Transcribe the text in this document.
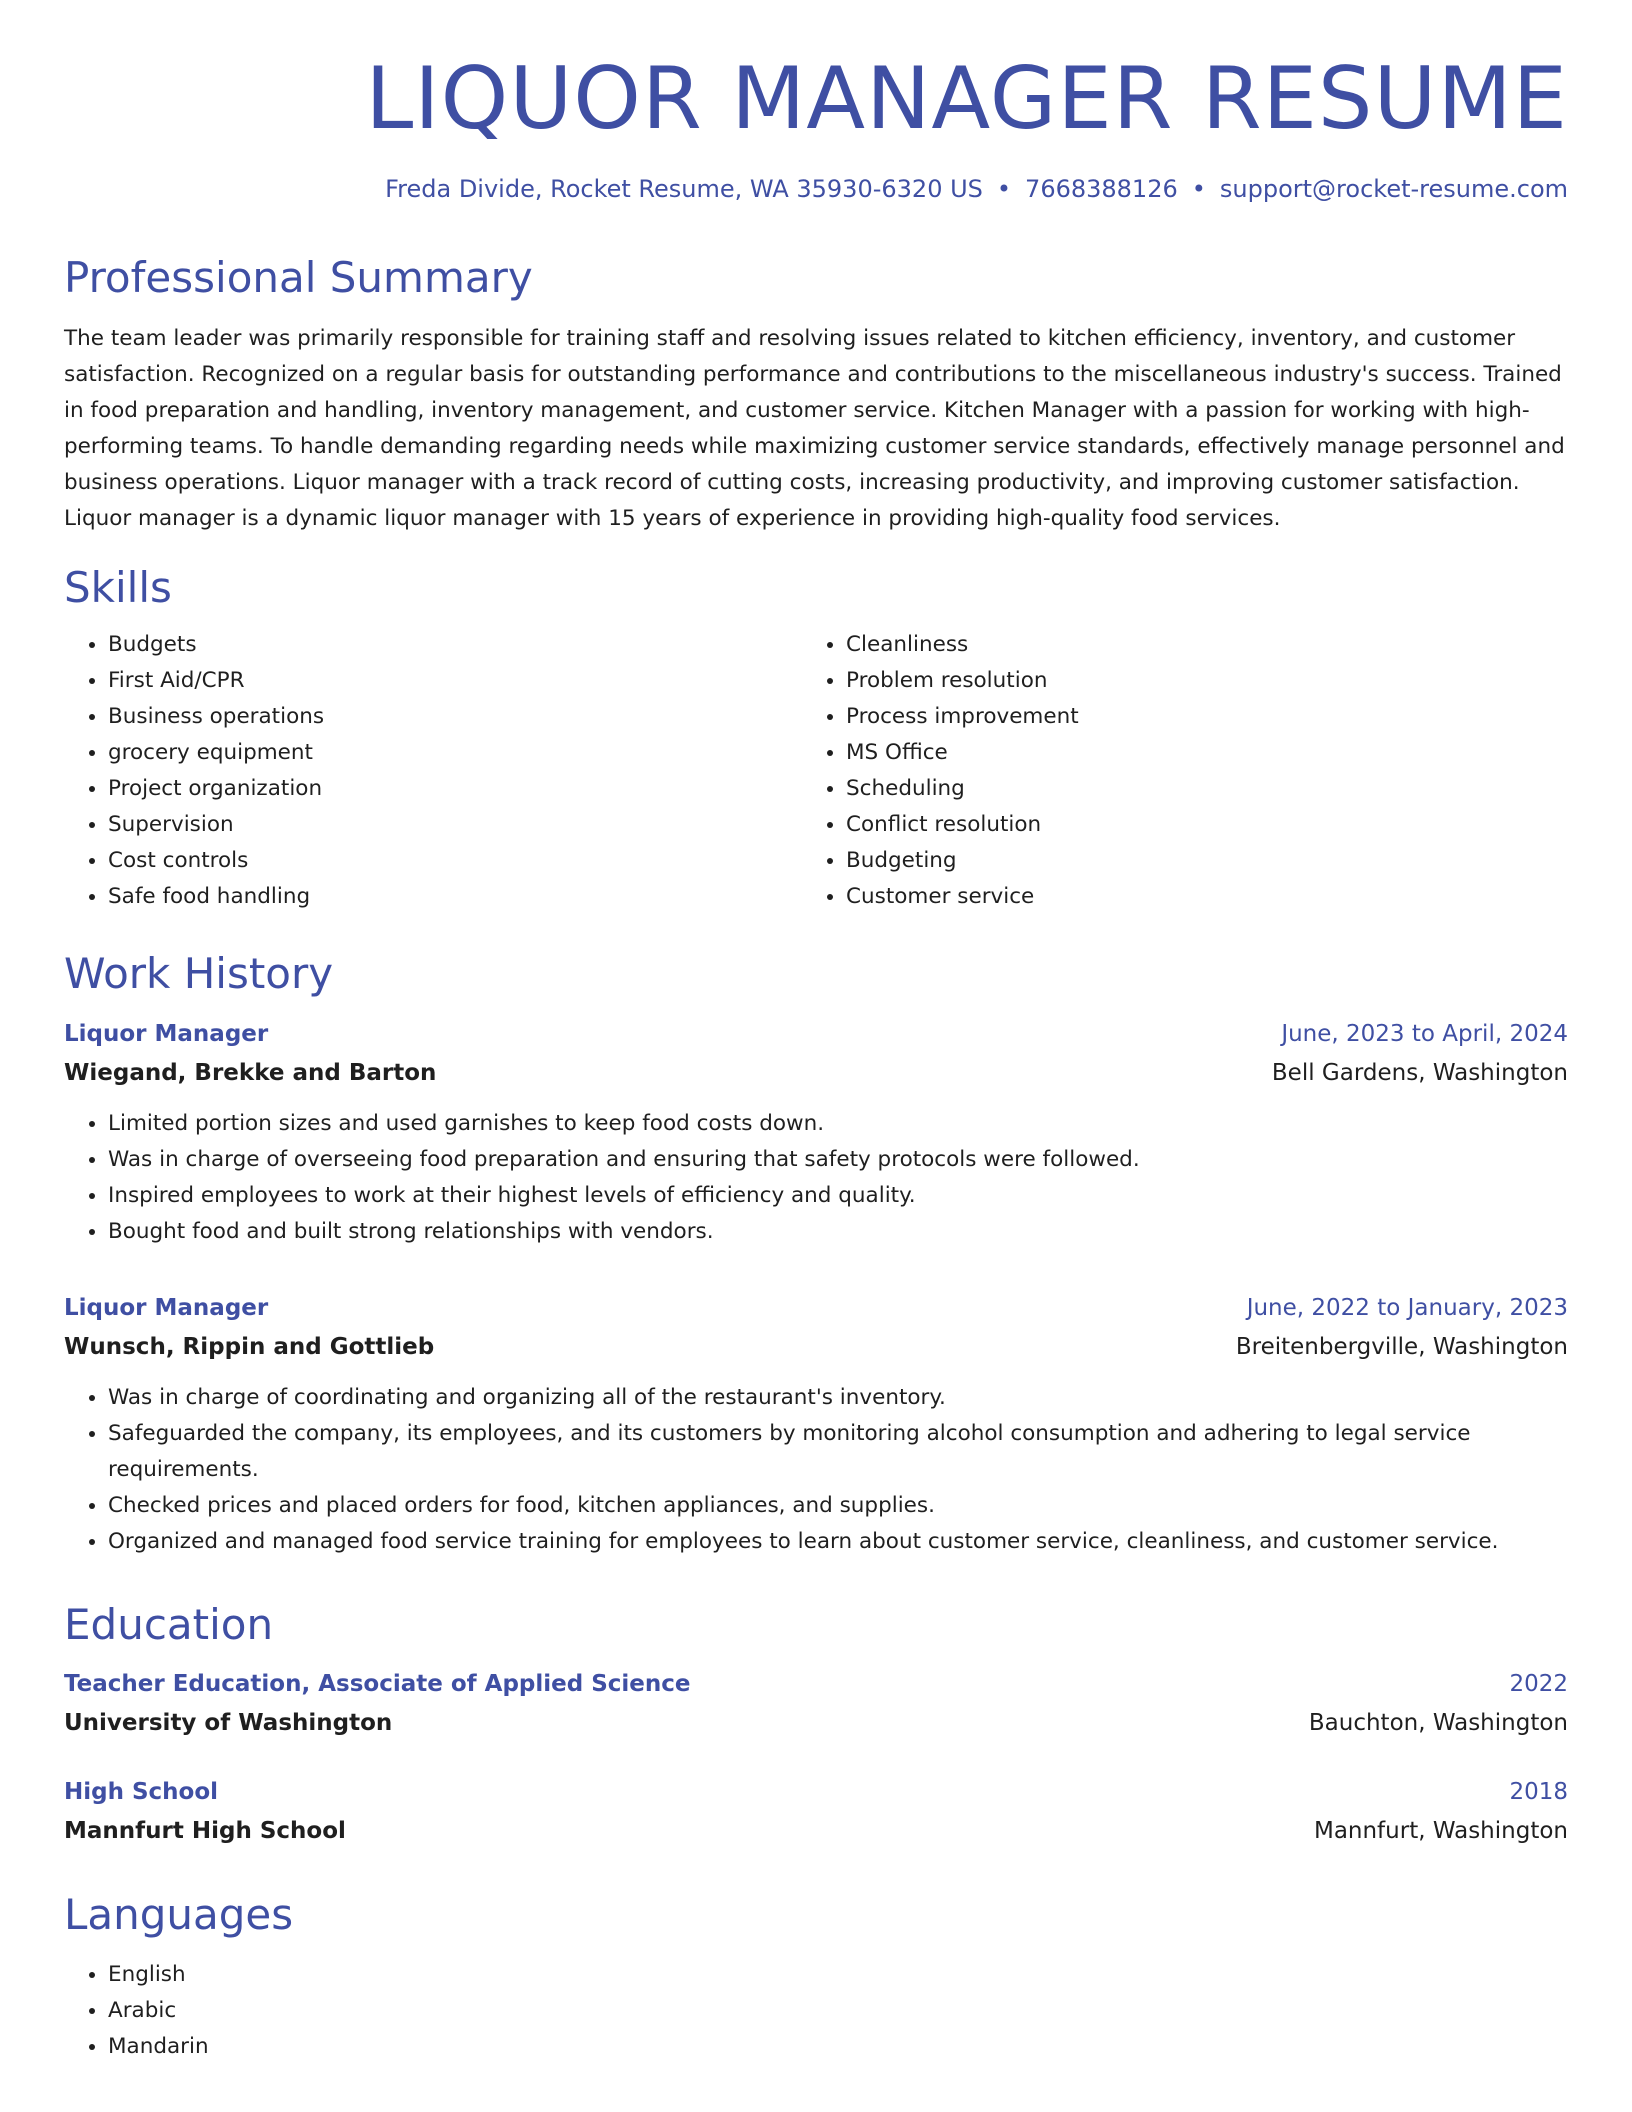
LIQUOR MANAGER RESUME
Freda Divide, Rocket Resume, WA 35930-6320 US • 7668388126 • support@rocket-resume.com
Professional Summary

The team leader was primarily responsible for training staff and resolving issues related to kitchen efficiency, inventory, and customer satisfaction. Recognized on a regular basis for outstanding performance and contributions to the miscellaneous industry's success. Trained in food preparation and handling, inventory management, and customer service. Kitchen Manager with a passion for working with high-performing teams. To handle demanding regarding needs while maximizing customer service standards, effectively manage personnel and business operations. Liquor manager with a track record of cutting costs, increasing productivity, and improving customer satisfaction. Liquor manager is a dynamic liquor manager with 15 years of experience in providing high-quality food services.

Skills
• Budgets
• First Aid/CPR
• Business operations
• grocery equipment
• Project organization
• Supervision
• Cost controls
• Safe food handling
• Cleanliness
• Problem resolution
• Process improvement
• MS Office
• Scheduling
• Conflict resolution
• Budgeting
• Customer service
Work History
Liquor Manager	June, 2023 to April, 2024
Wiegand, Brekke and Barton	Bell Gardens, Washington
• Limited portion sizes and used garnishes to keep food costs down.
• Was in charge of overseeing food preparation and ensuring that safety protocols were followed.
• Inspired employees to work at their highest levels of efficiency and quality.
• Bought food and built strong relationships with vendors.
Liquor Manager	June, 2022 to January, 2023
Wunsch, Rippin and Gottlieb	Breitenbergville, Washington
• Was in charge of coordinating and organizing all of the restaurant's inventory.
• Safeguarded the company, its employees, and its customers by monitoring alcohol consumption and adhering to legal service requirements.
• Checked prices and placed orders for food, kitchen appliances, and supplies.
• Organized and managed food service training for employees to learn about customer service, cleanliness, and customer service.
Education
Teacher Education, Associate of Applied Science	2022
University of Washington	Bauchton, Washington
High School	2018
Mannfurt High School	Mannfurt, Washington
Languages
• English
• Arabic
• Mandarin
